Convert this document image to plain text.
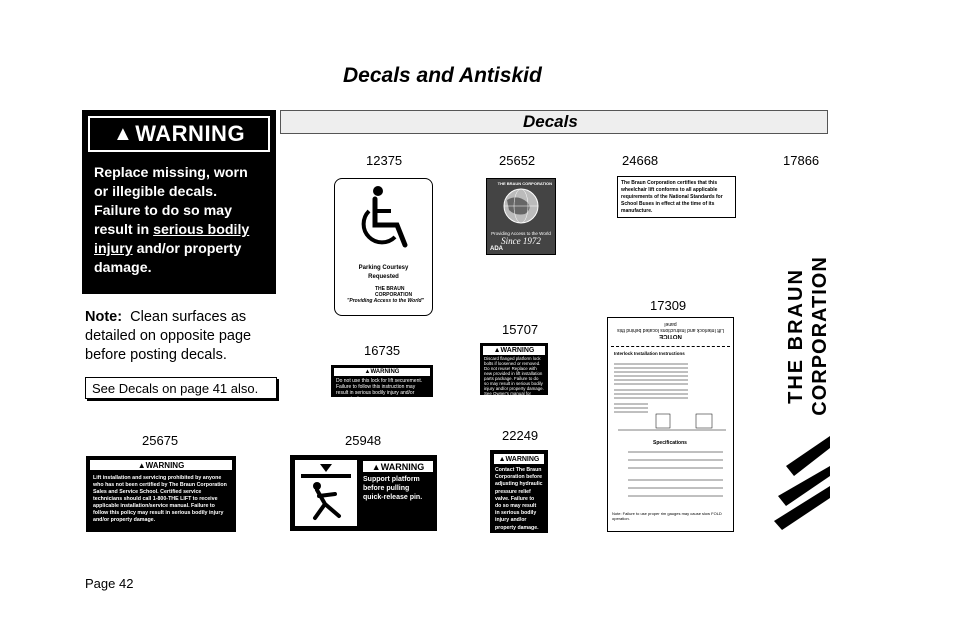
Decals and Antiskid
▲ WARNING
Replace missing, worn
or illegible decals.
Failure to do so may
result in serious bodily
injury and/or property
damage.
Note: Clean surfaces as detailed on opposite page before posting decals.
See Decals on page 41 also.
Decals
12375	25652	24668	17866
17309
15707
16735
22249
25675	25948
Parking Courtesy
Requested
THE BRAUN
CORPORATION
"Providing Access to the World"
THE BRAUN CORPORATION
Providing Access to the World
Since 1972
ADA
The Braun Corporation certifies that this wheelchair lift conforms to all applicable requirements of the National Standards for School Buses in effect at the time of its manufacture.
THE BRAUN CORPORATION
NOTICE
Lift Interlock and Instructions located behind this panel
Interlock Installation Instructions
Specifications
Note: Failure to use proper rim gauges may cause slow FOLD operation.
▲ WARNING
Do not use this lock for lift securement. Failure to follow this instruction may result in serious bodily injury and/or property damage.
▲ WARNING
Discard flanged platform lock bolts if loosened or removed. Do not reuse! Replace with new provided in lift installation parts package. Failure to do so may result in serious bodily injury and/or property damage. See Owner's manual for instructions.
▲ WARNING
Contact The Braun
Corporation before
adjusting hydraulic
pressure relief
valve. Failure to
do so may result
in serious bodily
injury and/or
property damage.
▲ WARNING
Lift installation and servicing prohibited by anyone who has not been certified by The Braun Corporation Sales and Service School. Certified service technicians should call 1-800-THE LIFT to receive applicable installation/service manual. Failure to follow this policy may result in serious bodily injury and/or property damage.
▲ WARNING
Support platform
before pulling
quick-release pin.
Page 42
